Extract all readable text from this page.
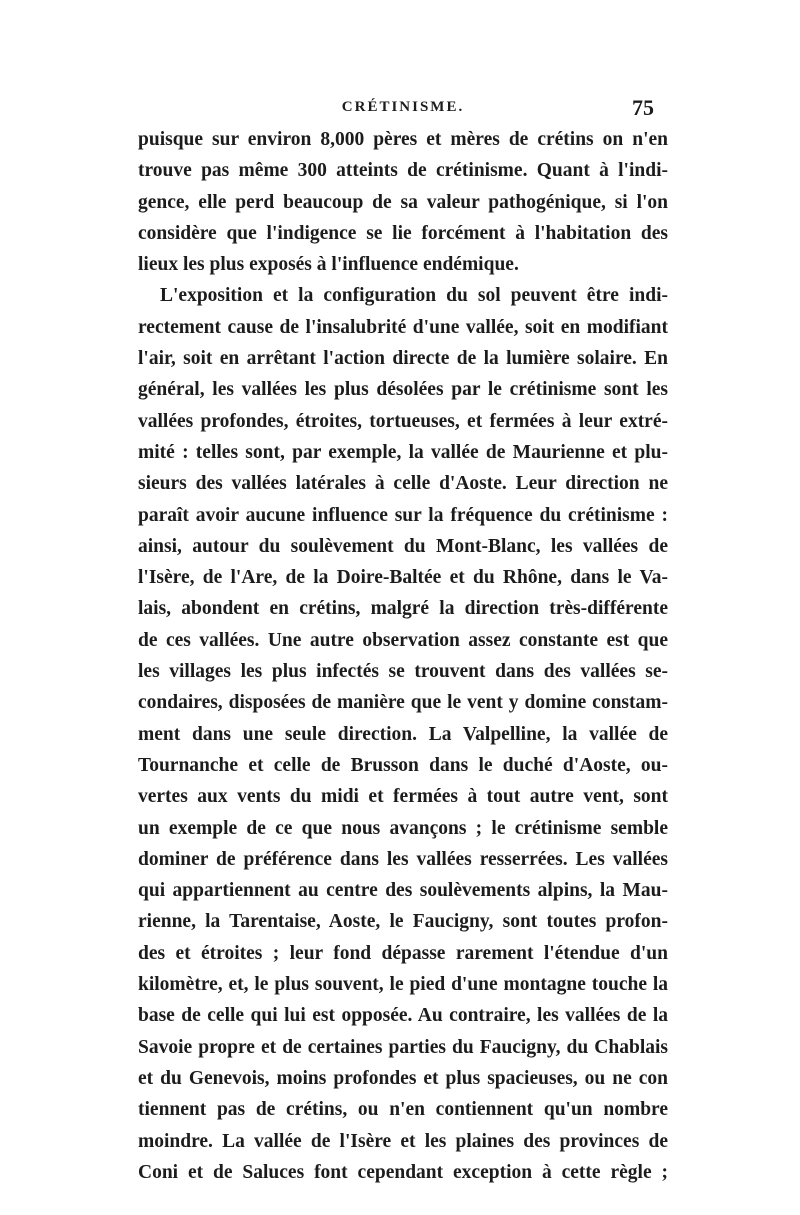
CRÉTINISME.	75
puisque sur environ 8,000 pères et mères de crétins on n'en
trouve pas même 300 atteints de crétinisme. Quant à l'indi-
gence, elle perd beaucoup de sa valeur pathogénique, si l'on
considère que l'indigence se lie forcément à l'habitation des
lieux les plus exposés à l'influence endémique.
L'exposition et la configuration du sol peuvent être indi-
rectement cause de l'insalubrité d'une vallée, soit en modifiant
l'air, soit en arrêtant l'action directe de la lumière solaire. En
général, les vallées les plus désolées par le crétinisme sont les
vallées profondes, étroites, tortueuses, et fermées à leur extré-
mité : telles sont, par exemple, la vallée de Maurienne et plu-
sieurs des vallées latérales à celle d'Aoste. Leur direction ne
paraît avoir aucune influence sur la fréquence du crétinisme :
ainsi, autour du soulèvement du Mont-Blanc, les vallées de
l'Isère, de l'Are, de la Doire-Baltée et du Rhône, dans le Va-
lais, abondent en crétins, malgré la direction très-différente
de ces vallées. Une autre observation assez constante est que
les villages les plus infectés se trouvent dans des vallées se-
condaires, disposées de manière que le vent y domine constam-
ment dans une seule direction. La Valpelline, la vallée de
Tournanche et celle de Brusson dans le duché d'Aoste, ou-
vertes aux vents du midi et fermées à tout autre vent, sont
un exemple de ce que nous avançons ; le crétinisme semble
dominer de préférence dans les vallées resserrées. Les vallées
qui appartiennent au centre des soulèvements alpins, la Mau-
rienne, la Tarentaise, Aoste, le Faucigny, sont toutes profon-
des et étroites ; leur fond dépasse rarement l'étendue d'un
kilomètre, et, le plus souvent, le pied d'une montagne touche la
base de celle qui lui est opposée. Au contraire, les vallées de la
Savoie propre et de certaines parties du Faucigny, du Chablais
et du Genevois, moins profondes et plus spacieuses, ou ne con
tiennent pas de crétins, ou n'en contiennent qu'un nombre
moindre. La vallée de l'Isère et les plaines des provinces de
Coni et de Saluces font cependant exception à cette règle ;
